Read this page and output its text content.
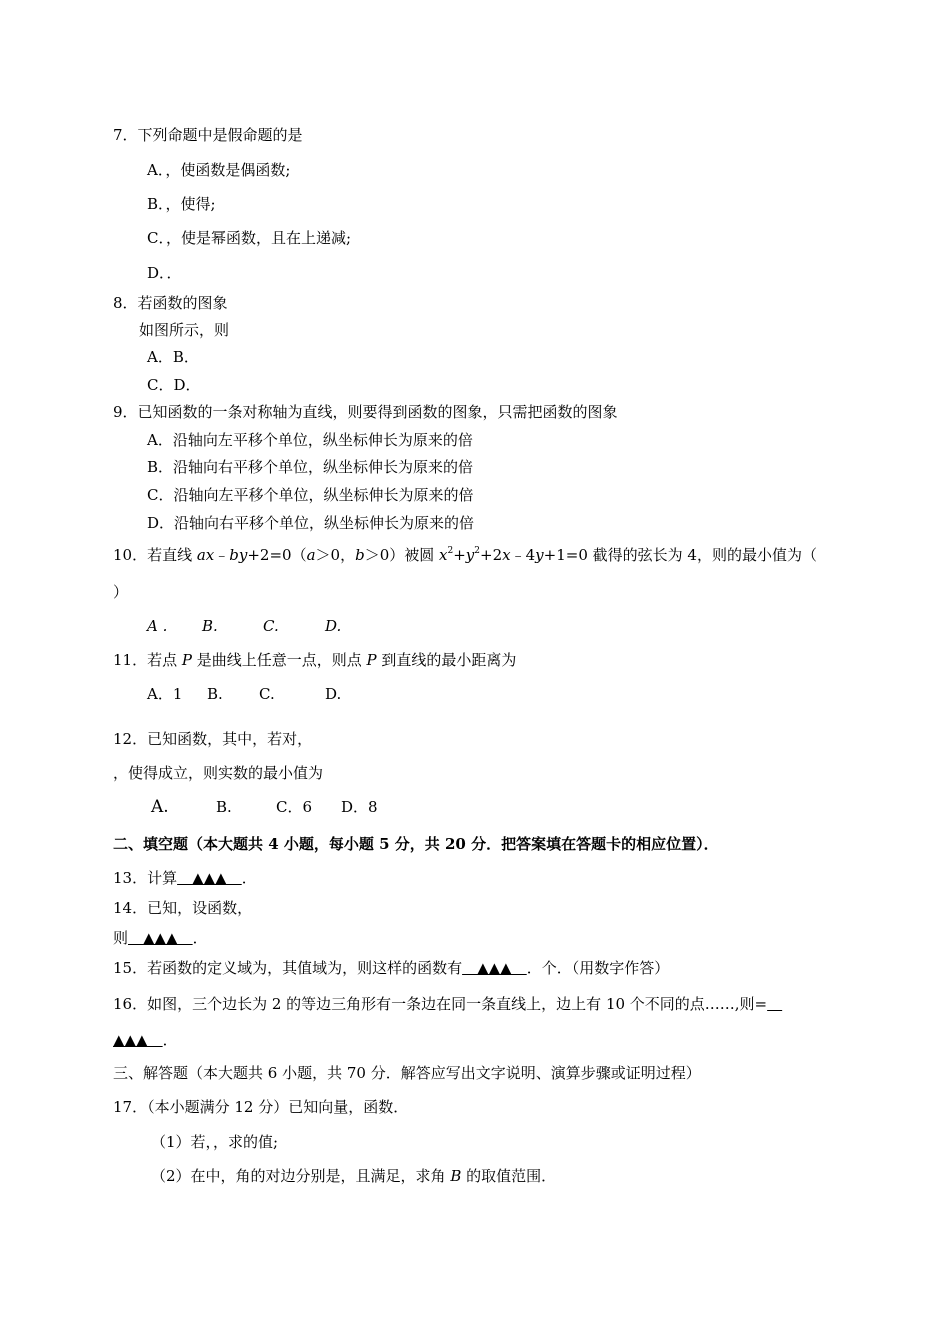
7．下列命题中是假命题的是
A．，使函数是偶函数;
B．，使得;
C．，使是幂函数，且在上递减;
D．．
8．若函数的图象
如图所示，则
A．B．
C．D．
9．已知函数的一条对称轴为直线，则要得到函数的图象，只需把函数的图象
A．沿轴向左平移个单位，纵坐标伸长为原来的倍
B．沿轴向右平移个单位，纵坐标伸长为原来的倍
C．沿轴向左平移个单位，纵坐标伸长为原来的倍
D．沿轴向右平移个单位，纵坐标伸长为原来的倍
10．若直线 ax﹣by+2=0（a＞0，b＞0）被圆 $x^2+y^2+2x﹣4y+1=0$ 截得的弦长为 4，则的最小值为（
）
A . B.	C.	D.
11．若点 P 是曲线上任意一点，则点 P 到直线的最小距离为
A．1 B. C.	D.
12．已知函数，其中，若对，
，使得成立，则实数的最小值为
A.	B.	C．6 D．8
二、填空题（本大题共 4 小题，每小题 5 分，共 20 分．把答案填在答题卡的相应位置）．
13．计算　▲▲▲　．
14．已知，设函数，
则　▲▲▲　．
15．若函数的定义域为，其值域为，则这样的函数有　▲▲▲　．个．（用数字作答）
16．如图，三个边长为 2 的等边三角形有一条边在同一条直线上，边上有 10 个不同的点……,则=　
▲▲▲　．
三、解答题（本大题共 6 小题，共 70 分．解答应写出文字说明、演算步骤或证明过程）
17．（本小题满分 12 分）已知向量，函数．
（1）若，，求的值;
（2）在中，角的对边分别是，且满足，求角 B 的取值范围．
